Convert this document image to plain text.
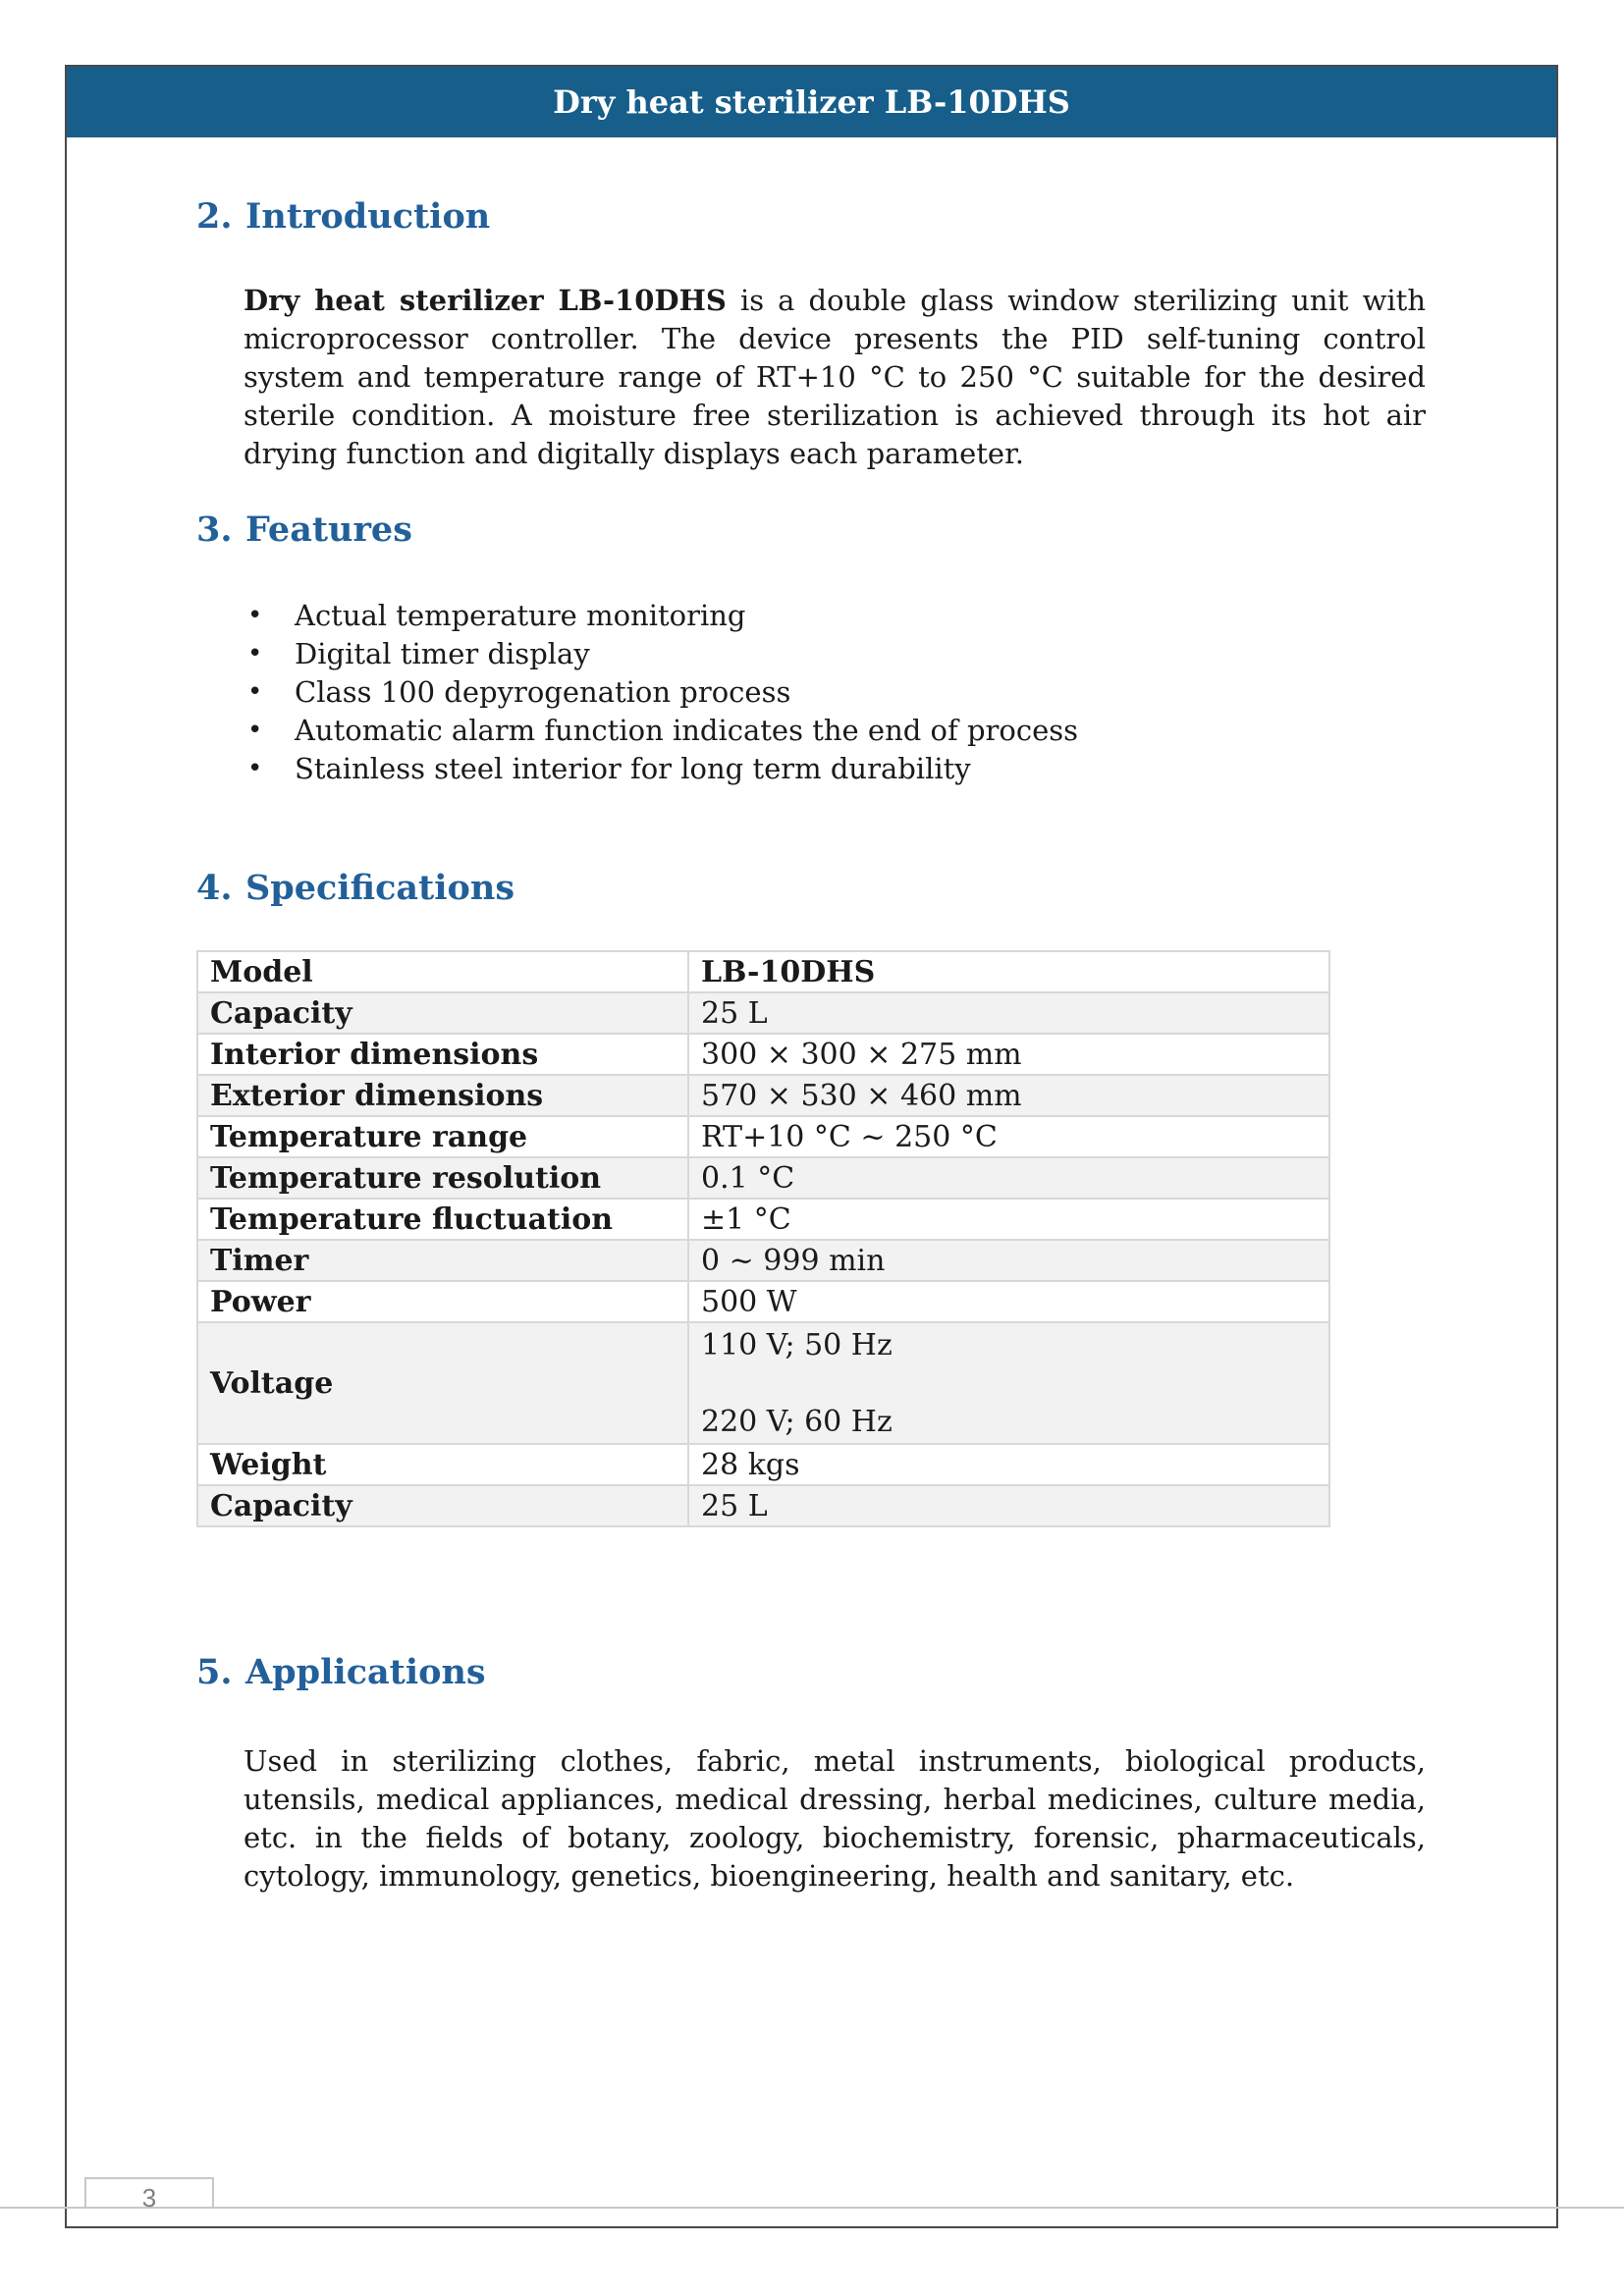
Dry heat sterilizer LB-10DHS
2. Introduction

Dry heat sterilizer LB-10DHS is a double glass window sterilizing unit with microprocessor controller. The device presents the PID self-tuning control system and temperature range of RT+10 °C to 250 °C suitable for the desired sterile condition. A moisture free sterilization is achieved through its hot air drying function and digitally displays each parameter.

3. Features
• Actual temperature monitoring
• Digital timer display
• Class 100 depyrogenation process
• Automatic alarm function indicates the end of process
• Stainless steel interior for long term durability
4. Specifications
Model	LB-10DHS
Capacity	25 L
Interior dimensions	300 × 300 × 275 mm
Exterior dimensions	570 × 530 × 460 mm
Temperature range	RT+10 °C ~ 250 °C
Temperature resolution	0.1 °C
Temperature fluctuation	±1 °C
Timer	0 ~ 999 min
Power	500 W
Voltage	110 V; 50 Hz
220 V; 60 Hz

Weight	28 kgs
Capacity	25 L
5. Applications

Used in sterilizing clothes, fabric, metal instruments, biological products, utensils, medical appliances, medical dressing, herbal medicines, culture media, etc. in the fields of botany, zoology, biochemistry, forensic, pharmaceuticals, cytology, immunology, genetics, bioengineering, health and sanitary, etc.

3
